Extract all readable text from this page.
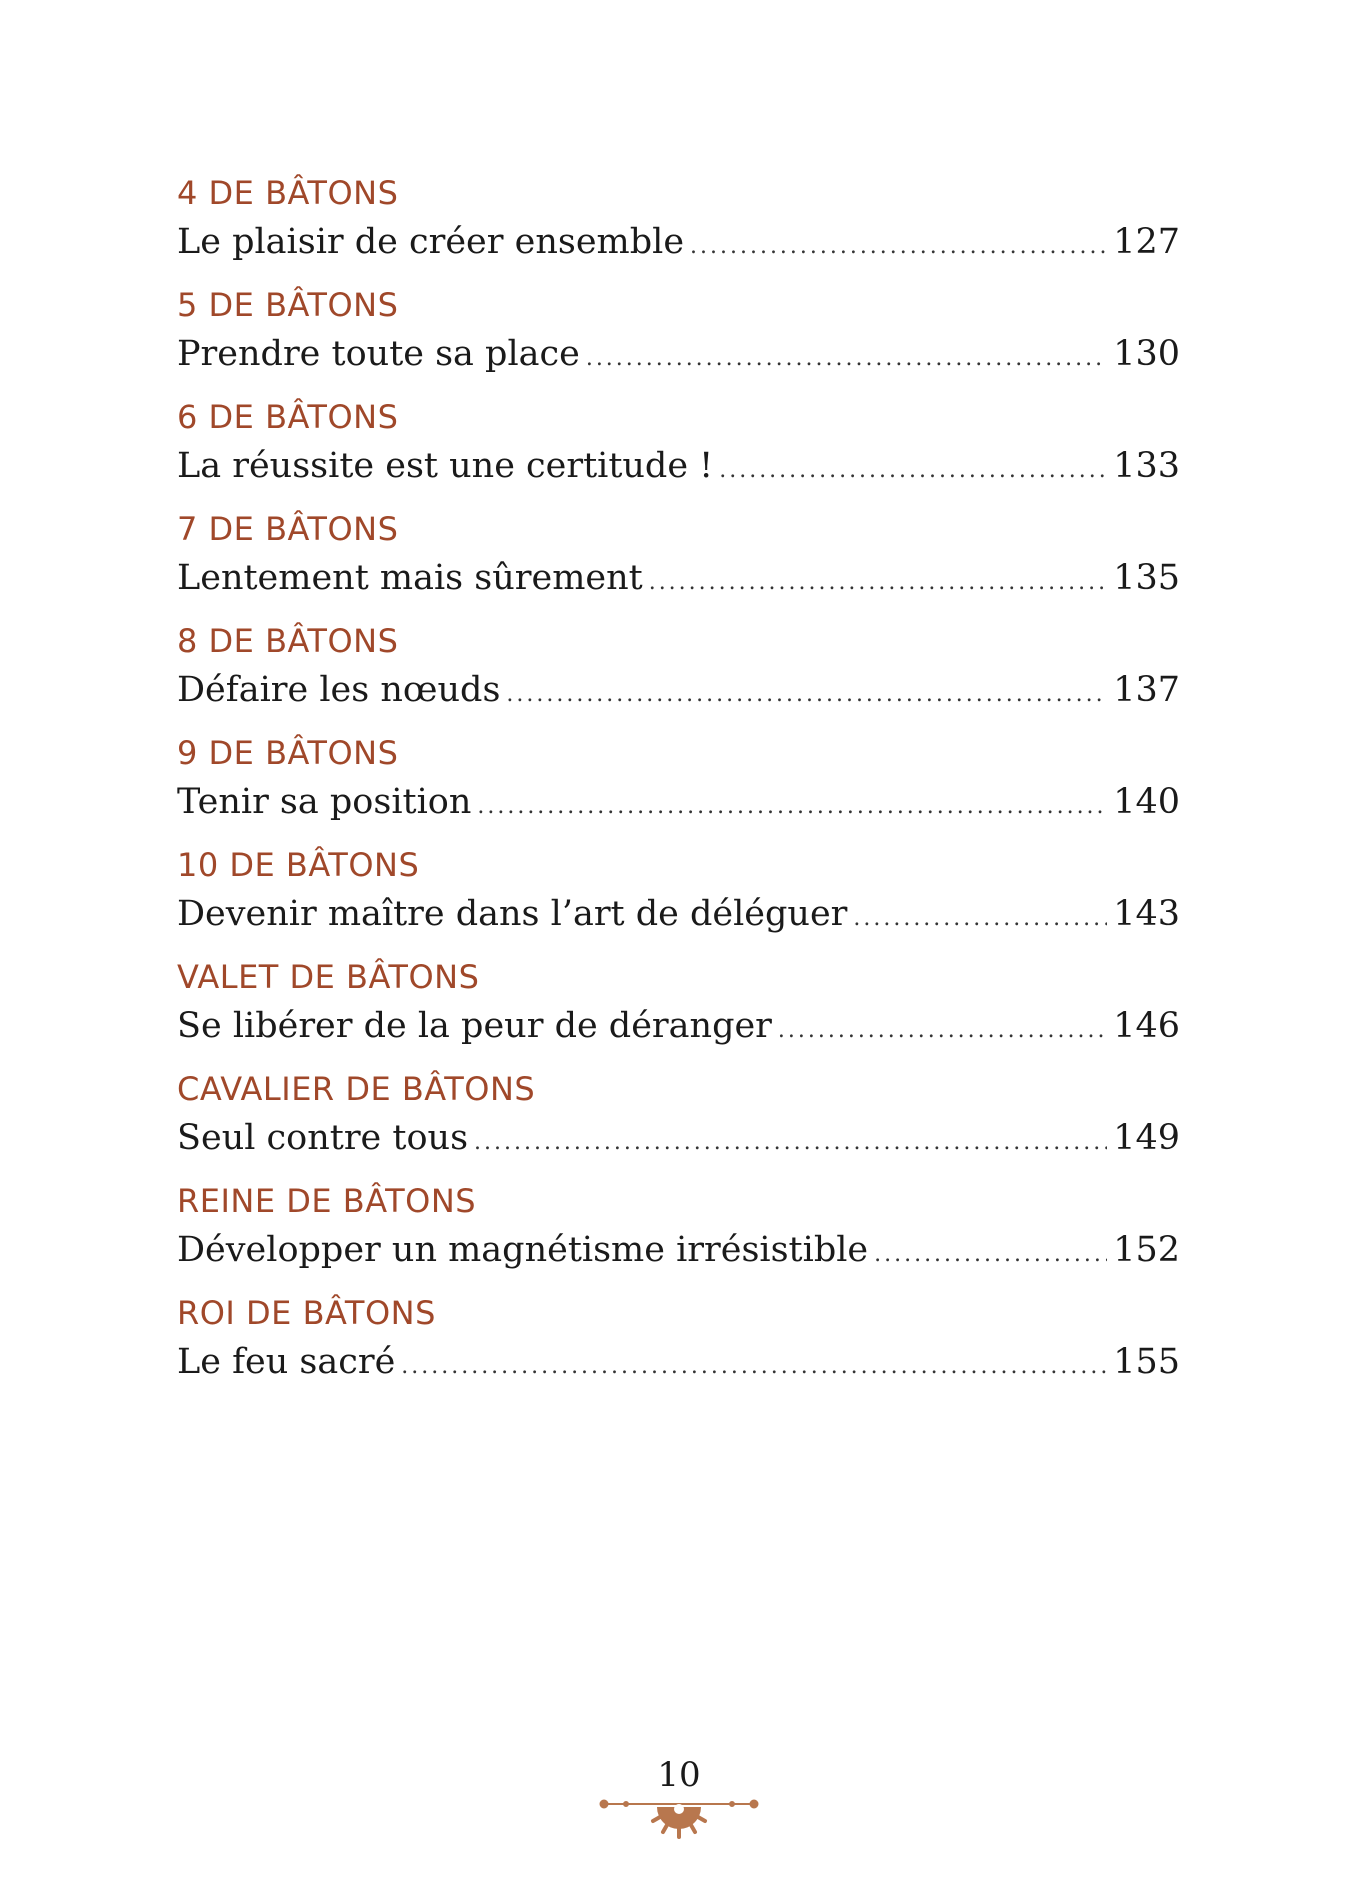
4 DE BÂTONS
Le plaisir de créer ensemble . . .	127
5 DE BÂTONS
Prendre toute sa place . . .	130
6 DE BÂTONS
La réussite est une certitude ! . . .	133
7 DE BÂTONS
Lentement mais sûrement . . .	135
8 DE BÂTONS
Défaire les nœuds . . .	137
9 DE BÂTONS
Tenir sa position . . .	140
10 DE BÂTONS
Devenir maître dans l’art de déléguer . . .	143
VALET DE BÂTONS
Se libérer de la peur de déranger . . .	146
CAVALIER DE BÂTONS
Seul contre tous . . .	149
REINE DE BÂTONS
Développer un magnétisme irrésistible . . .	152
ROI DE BÂTONS
Le feu sacré . . .	155
10
